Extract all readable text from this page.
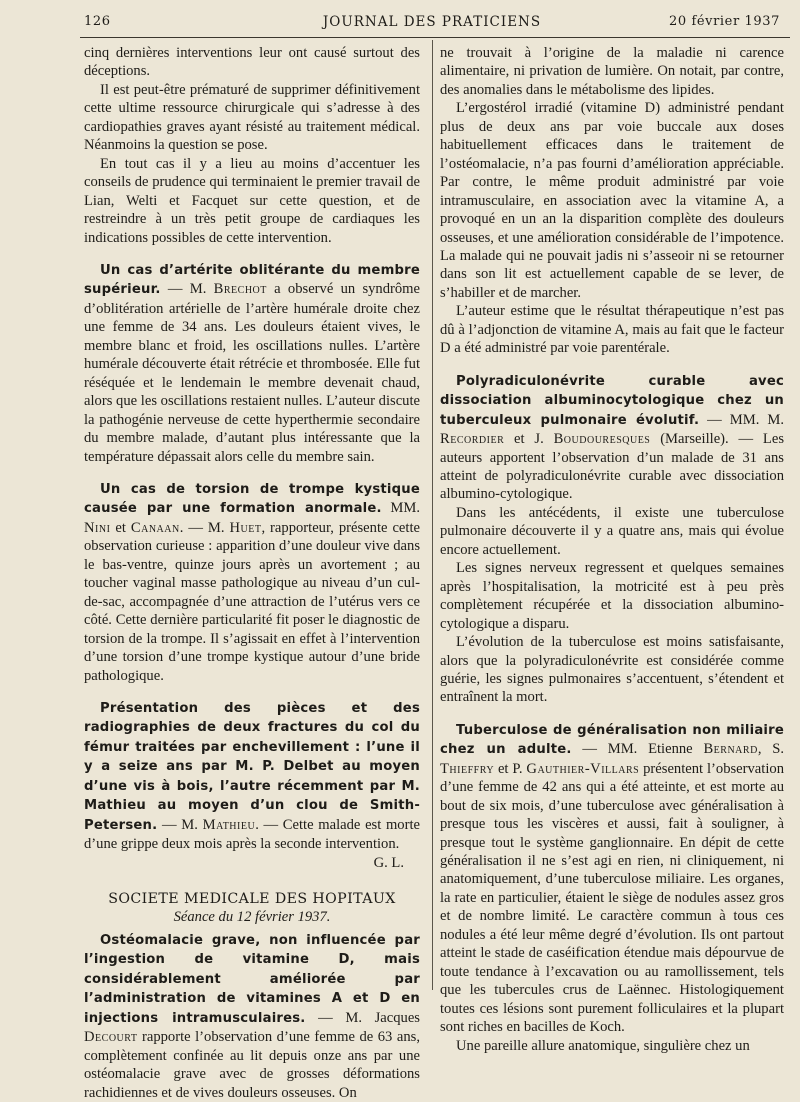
126	JOURNAL DES PRATICIENS	20 février 1937

cinq dernières interventions leur ont causé surtout des déceptions.

Il est peut-être prématuré de supprimer définitivement cette ultime ressource chirurgicale qui s’adresse à des cardiopathies graves ayant résisté au traitement médical. Néanmoins la question se pose.

En tout cas il y a lieu au moins d’accentuer les conseils de prudence qui terminaient le premier travail de Lian, Welti et Facquet sur cette question, et de restreindre à un très petit groupe de cardiaques les indications possibles de cette intervention.

Un cas d’artérite oblitérante du membre supérieur. — M. Brechot a observé un syndrôme d’oblitération artérielle de l’artère humérale droite chez une femme de 34 ans. Les douleurs étaient vives, le membre blanc et froid, les oscillations nulles. L’artère humérale découverte était rétrécie et thrombosée. Elle fut réséquée et le lendemain le membre devenait chaud, alors que les oscillations restaient nulles. L’auteur discute la pathogénie nerveuse de cette hyperthermie secondaire du membre malade, d’autant plus intéressante que la température dépassait alors celle du membre sain.

Un cas de torsion de trompe kystique causée par une formation anormale. MM. Nini et Canaan. — M. Huet, rapporteur, présente cette observation curieuse : apparition d’une douleur vive dans le bas-ventre, quinze jours après un avortement ; au toucher vaginal masse pathologique au niveau d’un cul-de-sac, accompagnée d’une attraction de l’utérus vers ce côté. Cette dernière particularité fit poser le diagnostic de torsion de la trompe. Il s’agissait en effet à l’intervention d’une torsion d’une trompe kystique autour d’une bride pathologique.

Présentation des pièces et des radiographies de deux fractures du col du fémur traitées par enchevillement : l’une il y a seize ans par M. P. Delbet au moyen d’une vis à bois, l’autre récemment par M. Mathieu au moyen d’un clou de Smith-Petersen. — M. Mathieu. — Cette malade est morte d’une grippe deux mois après la seconde intervention.

G. L.
SOCIETE MEDICALE DES HOPITAUX
Séance du 12 février 1937.

Ostéomalacie grave, non influencée par l’ingestion de vitamine D, mais considérablement améliorée par l’administration de vitamines A et D en injections intramusculaires. — M. Jacques Decourt rapporte l’observation d’une femme de 63 ans, complètement confinée au lit depuis onze ans par une ostéomalacie grave avec de grosses déformations rachidiennes et de vives douleurs osseuses. On

ne trouvait à l’origine de la maladie ni carence alimentaire, ni privation de lumière. On notait, par contre, des anomalies dans le métabolisme des lipides.

L’ergostérol irradié (vitamine D) administré pendant plus de deux ans par voie buccale aux doses habituellement efficaces dans le traitement de l’ostéomalacie, n’a pas fourni d’amélioration appréciable. Par contre, le même produit administré par voie intramusculaire, en association avec la vitamine A, a provoqué en un an la disparition complète des douleurs osseuses, et une amélioration considérable de l’impotence. La malade qui ne pouvait jadis ni s’asseoir ni se retourner dans son lit est actuellement capable de se lever, de s’habiller et de marcher.

L’auteur estime que le résultat thérapeutique n’est pas dû à l’adjonction de vitamine A, mais au fait que le facteur D a été administré par voie parentérale.

Polyradiculonévrite curable avec dissociation albuminocytologique chez un tuberculeux pulmonaire évolutif. — MM. M. Recordier et J. Boudouresques (Marseille). — Les auteurs apportent l’observation d’un malade de 31 ans atteint de polyradiculonévrite curable avec dissociation albumino-cytologique.

Dans les antécédents, il existe une tuberculose pulmonaire découverte il y a quatre ans, mais qui évolue encore actuellement.

Les signes nerveux regressent et quelques semaines après l’hospitalisation, la motricité est à peu près complètement récupérée et la dissociation albumino-cytologique a disparu.

L’évolution de la tuberculose est moins satisfaisante, alors que la polyradiculonévrite est considérée comme guérie, les signes pulmonaires s’accentuent, s’étendent et entraînent la mort.

Tuberculose de généralisation non miliaire chez un adulte. — MM. Etienne Bernard, S. Thieffry et P. Gauthier-Villars présentent l’observation d’une femme de 42 ans qui a été atteinte, et est morte au bout de six mois, d’une tuberculose avec généralisation à presque tous les viscères et aussi, fait à souligner, à presque tout le système ganglionnaire. En dépit de cette généralisation il ne s’est agi en rien, ni cliniquement, ni anatomiquement, d’une tuberculose miliaire. Les organes, la rate en particulier, étaient le siège de nodules assez gros et de nombre limité. Le caractère commun à tous ces nodules a été leur même degré d’évolution. Ils ont partout atteint le stade de caséification étendue mais dépourvue de toute tendance à l’excavation ou au ramollissement, tels que les tubercules crus de Laënnec. Histologiquement toutes ces lésions sont purement folliculaires et la plupart sont riches en bacilles de Koch.

Une pareille allure anatomique, singulière chez un
